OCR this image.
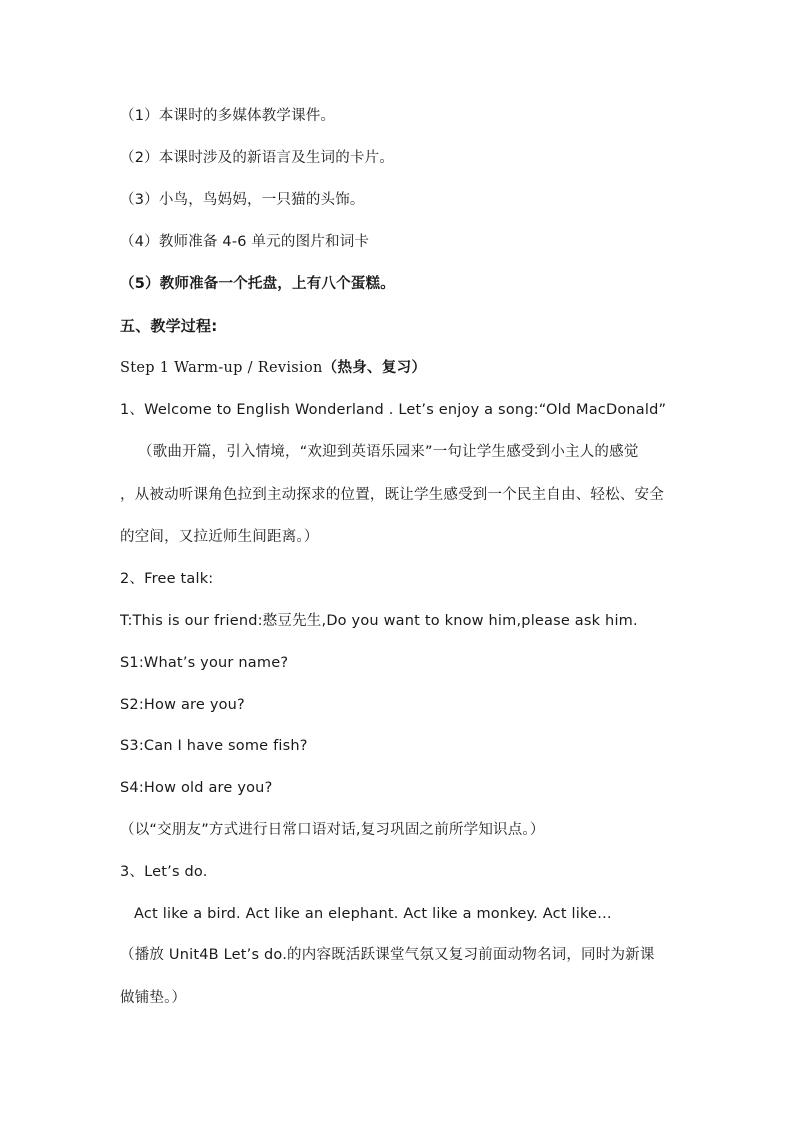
（1）本课时的多媒体教学课件。
（2）本课时涉及的新语言及生词的卡片。
（3）小鸟，鸟妈妈，一只猫的头饰。
（4）教师准备 4-6 单元的图片和词卡
（5）教师准备一个托盘，上有八个蛋糕。
五、教学过程:
Step 1 Warm-up / Revision（热身、复习）
1、Welcome to English Wonderland . Let’s enjoy a song:“Old MacDonald”
（歌曲开篇，引入情境，“欢迎到英语乐园来”一句让学生感受到小主人的感觉
，从被动听课角色拉到主动探求的位置，既让学生感受到一个民主自由、轻松、安全
的空间，又拉近师生间距离。）
2、Free talk:
T:This is our friend:憨豆先生,Do you want to know him,please ask him.
S1:What’s your name?
S2:How are you?
S3:Can I have some fish?
S4:How old are you?
（以“交朋友”方式进行日常口语对话,复习巩固之前所学知识点。）
3、Let’s do.
Act like a bird. Act like an elephant. Act like a monkey. Act like…
（播放 Unit4B Let’s do.的内容既活跃课堂气氛又复习前面动物名词，同时为新课
做铺垫。）
